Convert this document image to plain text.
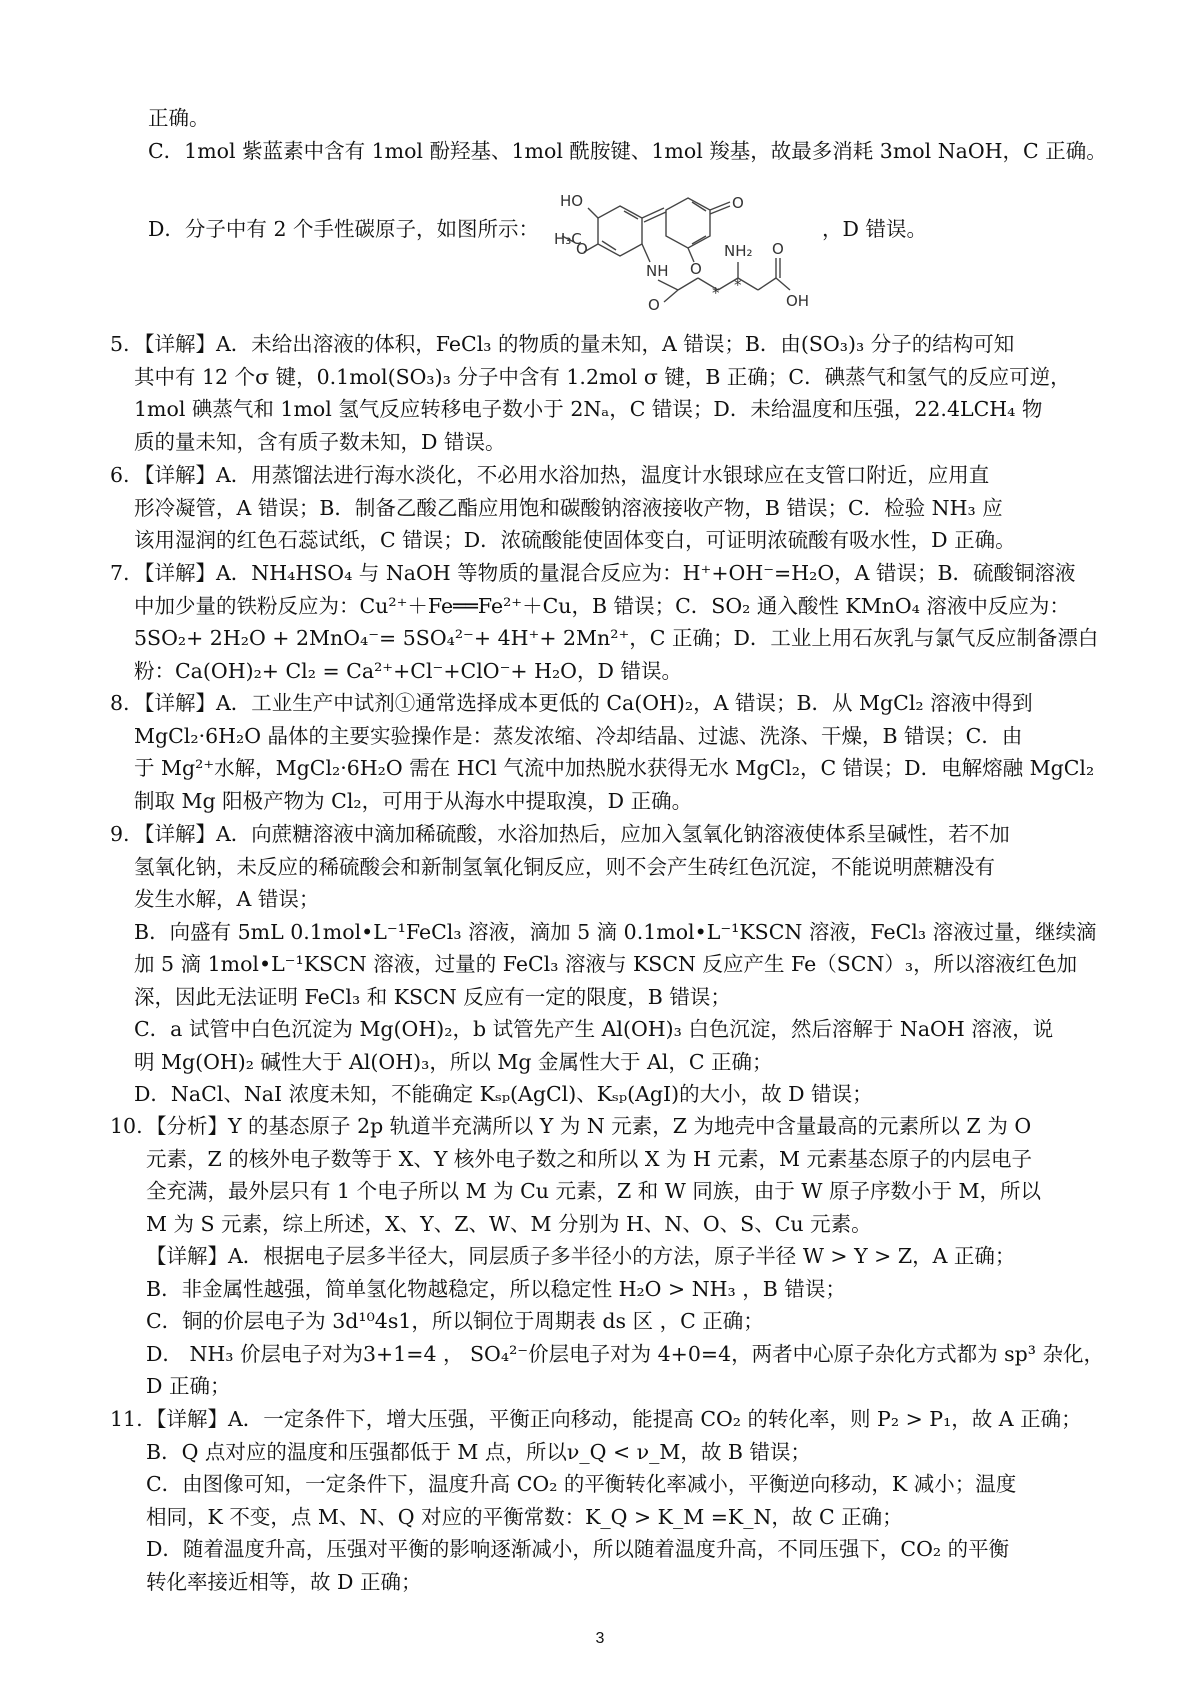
正确。
C．1mol 紫蓝素中含有 1mol 酚羟基、1mol 酰胺键、1mol 羧基，故最多消耗 3mol NaOH，C 正确。
D．分子中有 2 个手性碳原子，如图所示：	，D 错误。
HO
H₃C
O
O
NH O
NH₂ O
OH
O
* *
5. 【详解】A．未给出溶液的体积，FeCl₃ 的物质的量未知，A 错误；B．由(SO₃)₃ 分子的结构可知
其中有 12 个σ 键，0.1mol(SO₃)₃ 分子中含有 1.2mol σ 键，B 正确；C．碘蒸气和氢气的反应可逆，
1mol 碘蒸气和 1mol 氢气反应转移电子数小于 2Nₐ，C 错误；D．未给温度和压强，22.4LCH₄ 物
质的量未知，含有质子数未知，D 错误。
6. 【详解】A．用蒸馏法进行海水淡化，不必用水浴加热，温度计水银球应在支管口附近，应用直
形冷凝管，A 错误；B．制备乙酸乙酯应用饱和碳酸钠溶液接收产物，B 错误；C．检验 NH₃ 应
该用湿润的红色石蕊试纸，C 错误；D．浓硫酸能使固体变白，可证明浓硫酸有吸水性，D 正确。
7. 【详解】A．NH₄HSO₄ 与 NaOH 等物质的量混合反应为：H⁺+OH⁻=H₂O，A 错误；B．硫酸铜溶液
中加少量的铁粉反应为：Cu²⁺＋Fe══Fe²⁺＋Cu，B 错误；C．SO₂ 通入酸性 KMnO₄ 溶液中反应为：
5SO₂+ 2H₂O + 2MnO₄⁻= 5SO₄²⁻+ 4H⁺+ 2Mn²⁺，C 正确；D．工业上用石灰乳与氯气反应制备漂白
粉：Ca(OH)₂+ Cl₂ = Ca²⁺+Cl⁻+ClO⁻+ H₂O，D 错误。
8. 【详解】A．工业生产中试剂①通常选择成本更低的 Ca(OH)₂，A 错误；B．从 MgCl₂ 溶液中得到
MgCl₂·6H₂O 晶体的主要实验操作是：蒸发浓缩、冷却结晶、过滤、洗涤、干燥，B 错误；C．由
于 Mg²⁺水解，MgCl₂·6H₂O 需在 HCl 气流中加热脱水获得无水 MgCl₂，C 错误；D．电解熔融 MgCl₂
制取 Mg 阳极产物为 Cl₂，可用于从海水中提取溴，D 正确。
9. 【详解】A．向蔗糖溶液中滴加稀硫酸，水浴加热后，应加入氢氧化钠溶液使体系呈碱性，若不加
氢氧化钠，未反应的稀硫酸会和新制氢氧化铜反应，则不会产生砖红色沉淀，不能说明蔗糖没有
发生水解，A 错误；
B．向盛有 5mL 0.1mol•L⁻¹FeCl₃ 溶液，滴加 5 滴 0.1mol•L⁻¹KSCN 溶液，FeCl₃ 溶液过量，继续滴
加 5 滴 1mol•L⁻¹KSCN 溶液，过量的 FeCl₃ 溶液与 KSCN 反应产生 Fe（SCN）₃，所以溶液红色加
深，因此无法证明 FeCl₃ 和 KSCN 反应有一定的限度，B 错误；
C．a 试管中白色沉淀为 Mg(OH)₂，b 试管先产生 Al(OH)₃ 白色沉淀，然后溶解于 NaOH 溶液，说
明 Mg(OH)₂ 碱性大于 Al(OH)₃，所以 Mg 金属性大于 Al，C 正确；
D．NaCl、NaI 浓度未知，不能确定 Kₛₚ(AgCl)、Kₛₚ(AgI)的大小，故 D 错误；
10. 【分析】Y 的基态原子 2p 轨道半充满所以 Y 为 N 元素，Z 为地壳中含量最高的元素所以 Z 为 O
元素，Z 的核外电子数等于 X、Y 核外电子数之和所以 X 为 H 元素，M 元素基态原子的内层电子
全充满，最外层只有 1 个电子所以 M 为 Cu 元素，Z 和 W 同族，由于 W 原子序数小于 M，所以
M 为 S 元素，综上所述，X、Y、Z、W、M 分别为 H、N、O、S、Cu 元素。
【详解】A．根据电子层多半径大，同层质子多半径小的方法，原子半径 W > Y > Z，A 正确；
B．非金属性越强，简单氢化物越稳定，所以稳定性 H₂O > NH₃ ，B 错误；
C．铜的价层电子为 3d¹⁰4s1，所以铜位于周期表 ds 区 ，C 正确；
D． NH₃ 价层电子对为3+1=4 ， SO₄²⁻价层电子对为 4+0=4，两者中心原子杂化方式都为 sp³ 杂化，
D 正确；
11. 【详解】A．一定条件下，增大压强，平衡正向移动，能提高 CO₂ 的转化率，则 P₂ > P₁，故 A 正确；
B．Q 点对应的温度和压强都低于 M 点，所以ν_Q < ν_M，故 B 错误；
C．由图像可知，一定条件下，温度升高 CO₂ 的平衡转化率减小，平衡逆向移动，K 减小；温度
相同，K 不变，点 M、N、Q 对应的平衡常数：K_Q > K_M =K_N，故 C 正确；
D．随着温度升高，压强对平衡的影响逐渐减小，所以随着温度升高，不同压强下，CO₂ 的平衡
转化率接近相等，故 D 正确；
3
